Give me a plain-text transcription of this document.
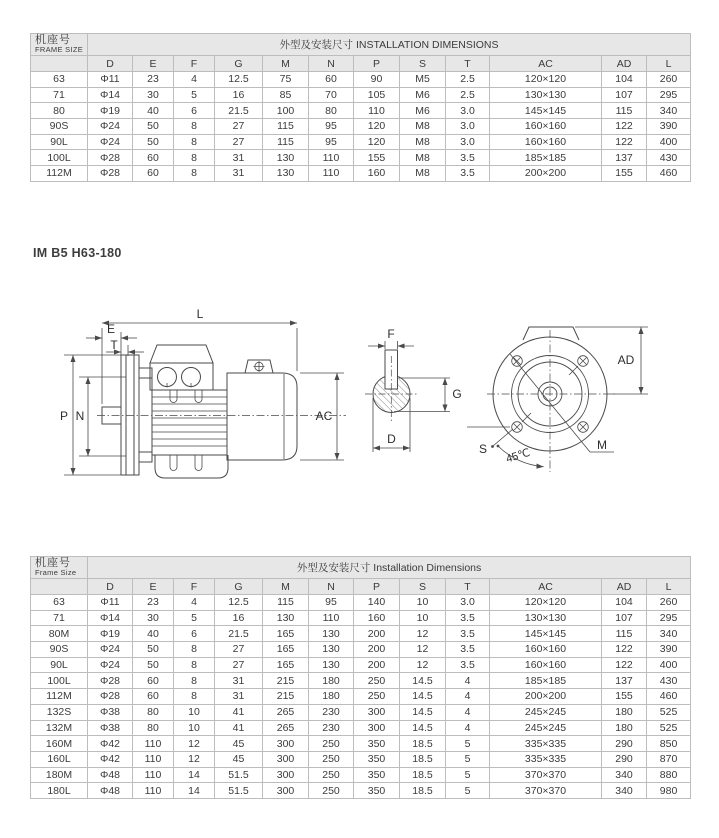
机座号
FRAME SIZE	外型及安装尺寸 INSTALLATION DIMENSIONS											
	D	E	F	G	M	N	P	S	T	AC	AD	L
63	Φ11	23	4	12.5	75	60	90	M5	2.5	120×120	104	260
71	Φ14	30	5	16	85	70	105	M6	2.5	130×130	107	295
80	Φ19	40	6	21.5	100	80	110	M6	3.0	145×145	115	340
90S	Φ24	50	8	27	115	95	120	M8	3.0	160×160	122	390
90L	Φ24	50	8	27	115	95	120	M8	3.0	160×160	122	400
100L	Φ28	60	8	31	130	110	155	M8	3.5	185×185	137	430
112M	Φ28	60	8	31	130	110	160	M8	3.5	200×200	155	460
IM B5 H63-180
L
E
T
P N	AC
F
G
D
AD
S	M
45℃
机座号
Frame Size	外型及安装尺寸 Installation Dimensions											
	D	E	F	G	M	N	P	S	T	AC	AD	L
63	Φ11	23	4	12.5	115	95	140	10	3.0	120×120	104	260
71	Φ14	30	5	16	130	110	160	10	3.5	130×130	107	295
80M	Φ19	40	6	21.5	165	130	200	12	3.5	145×145	115	340
90S	Φ24	50	8	27	165	130	200	12	3.5	160×160	122	390
90L	Φ24	50	8	27	165	130	200	12	3.5	160×160	122	400
100L	Φ28	60	8	31	215	180	250	14.5	4	185×185	137	430
112M	Φ28	60	8	31	215	180	250	14.5	4	200×200	155	460
132S	Φ38	80	10	41	265	230	300	14.5	4	245×245	180	525
132M	Φ38	80	10	41	265	230	300	14.5	4	245×245	180	525
160M	Φ42	110	12	45	300	250	350	18.5	5	335×335	290	850
160L	Φ42	110	12	45	300	250	350	18.5	5	335×335	290	870
180M	Φ48	110	14	51.5	300	250	350	18.5	5	370×370	340	880
180L	Φ48	110	14	51.5	300	250	350	18.5	5	370×370	340	980
